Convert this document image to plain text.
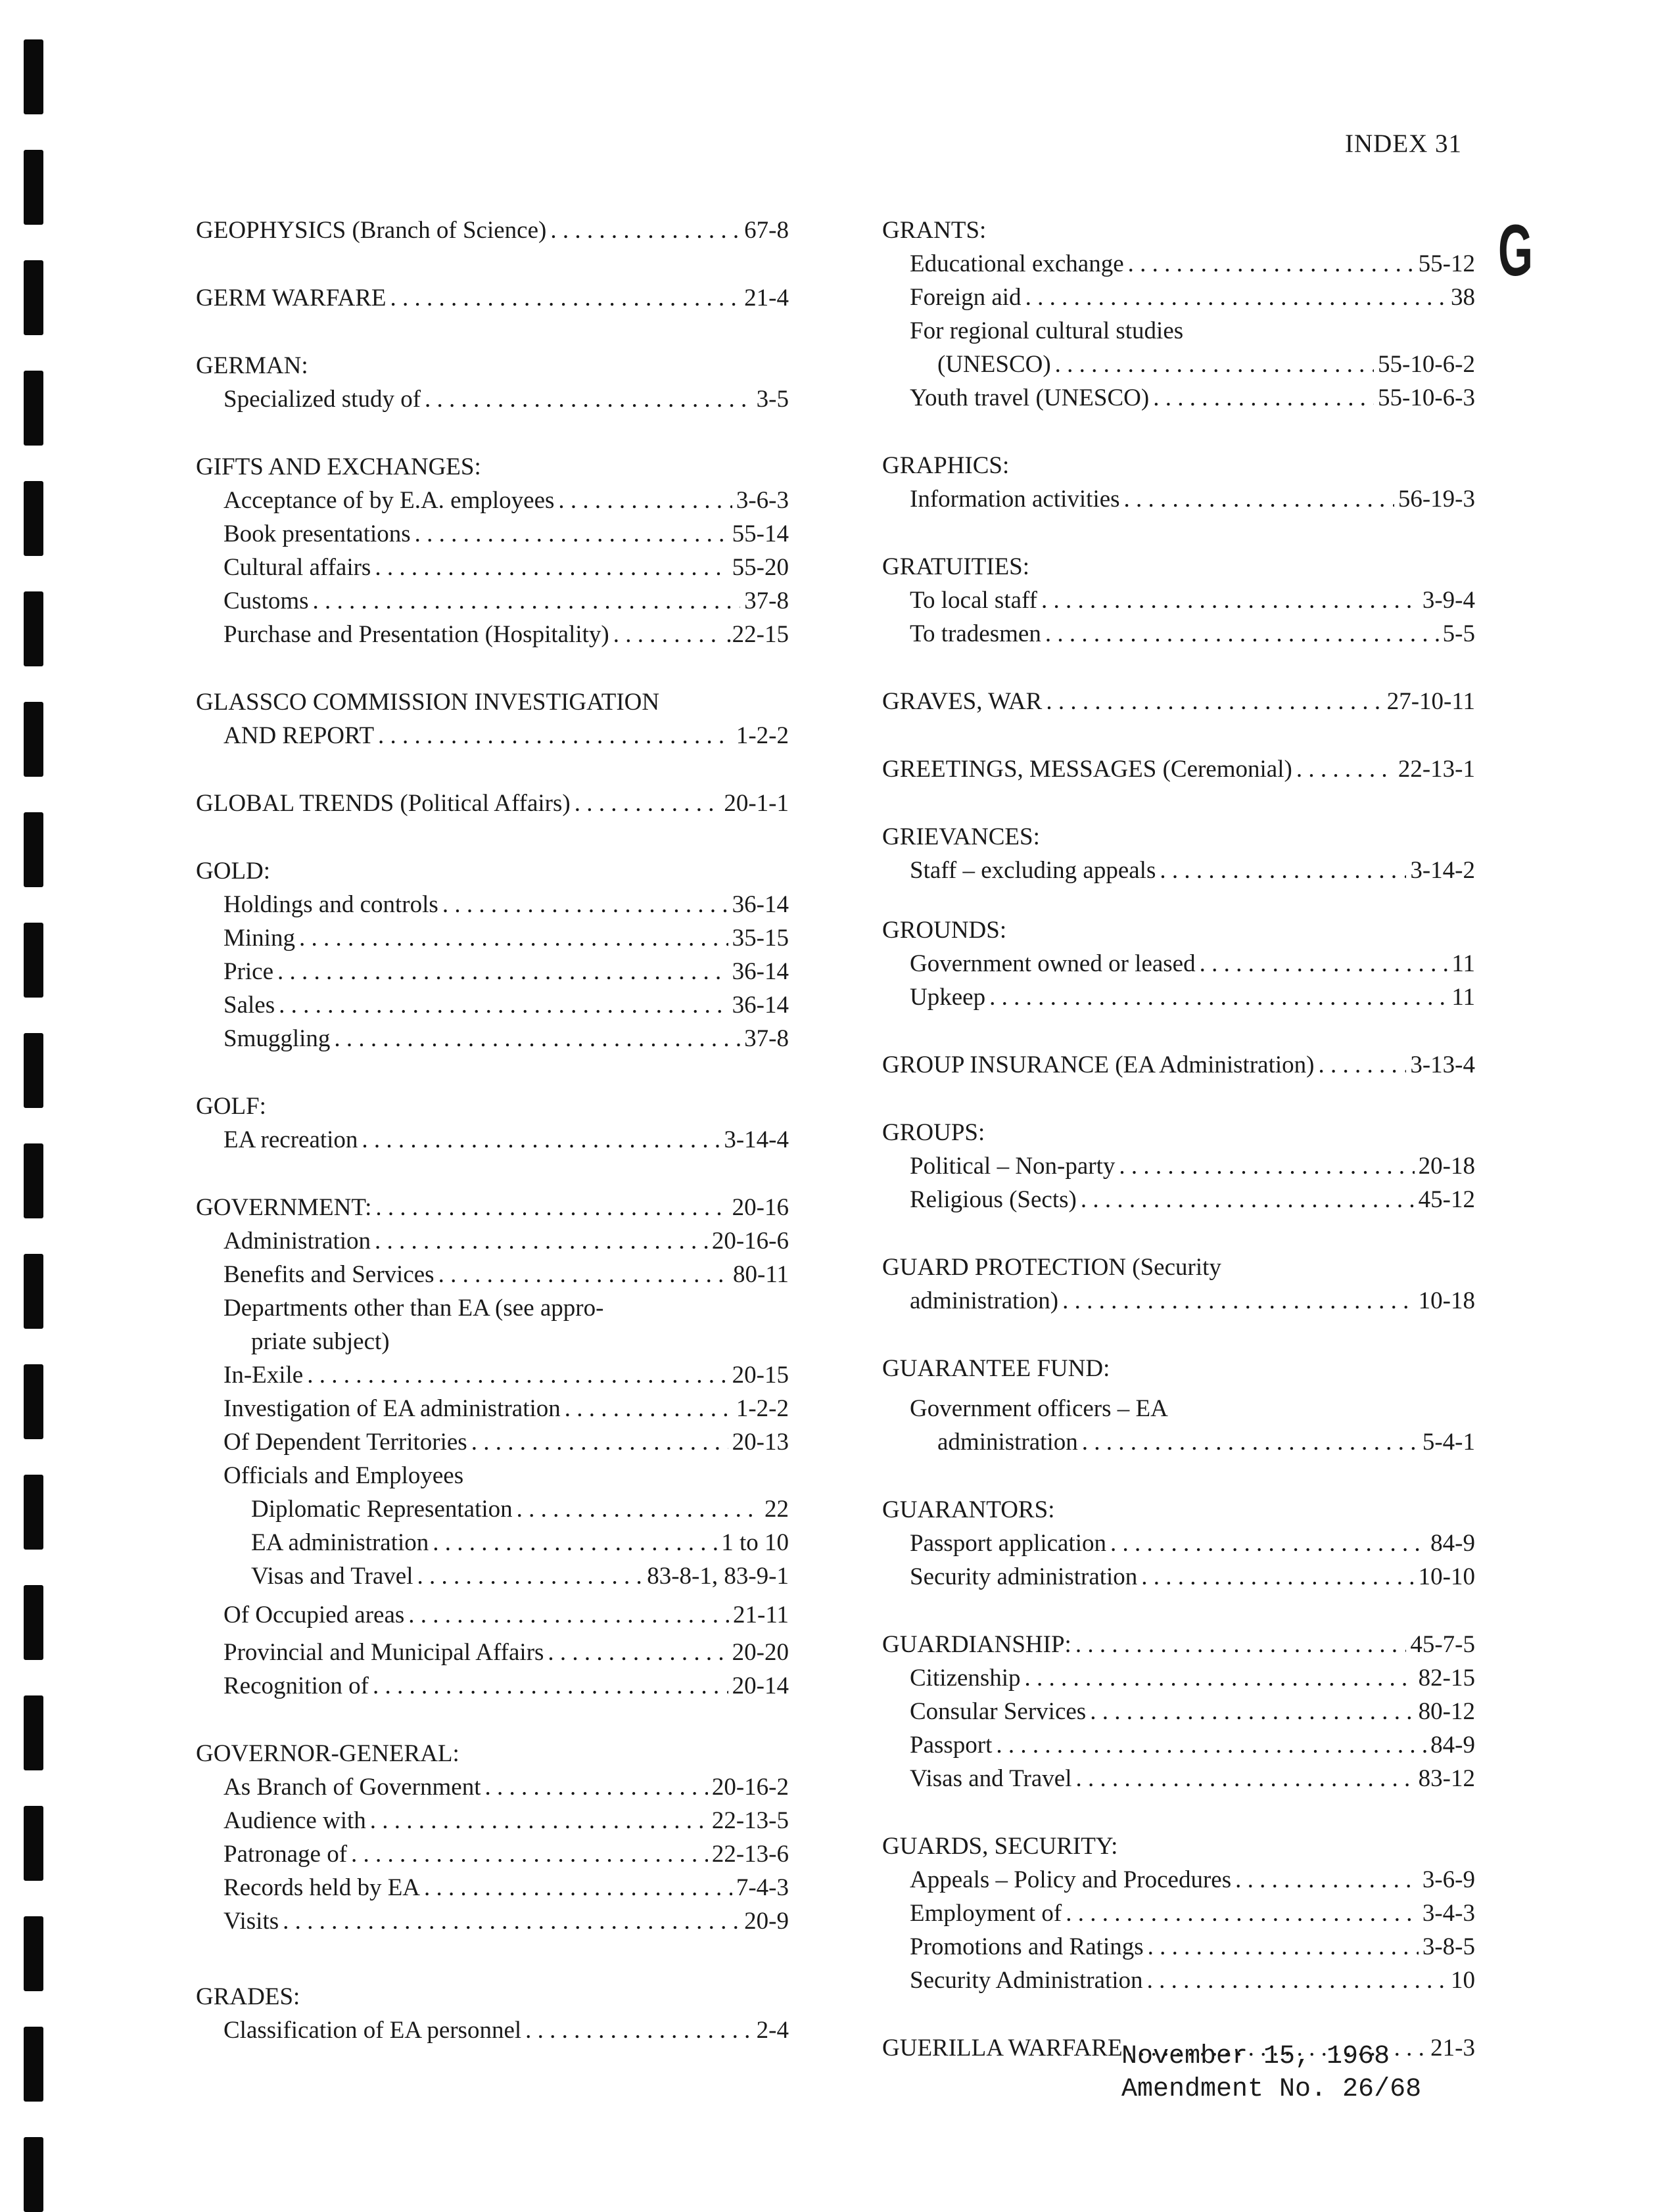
INDEX 31
G
GEOPHYSICS (Branch of Science) . . .	67-8
GERM WARFARE . . .	21-4
GERMAN:
Specialized study of . . .	3-5
GIFTS AND EXCHANGES:
Acceptance of by E.A. employees . . .	3-6-3
Book presentations . . .	55-14
Cultural affairs . . .	55-20
Customs . . .	37-8
Purchase and Presentation (Hospitality) . . .	.22-15
GLASSCO COMMISSION INVESTIGATION
AND REPORT . . .	1-2-2
GLOBAL TRENDS (Political Affairs) . . .	20-1-1
GOLD:
Holdings and controls . . .	36-14
Mining . . .	35-15
Price . . .	36-14
Sales . . .	36-14
Smuggling . . .	37-8
GOLF:
EA recreation . . .	3-14-4
GOVERNMENT: . . .	20-16
Administration . . .	20-16-6
Benefits and Services . . .	80-11
Departments other than EA (see appro-
priate subject)
In-Exile . . .	20-15
Investigation of EA administration . . .	1-2-2
Of Dependent Territories . . .	20-13
Officials and Employees
Diplomatic Representation . . .	22
EA administration . . .	1 to 10
Visas and Travel . . .	83-8-1, 83-9-1
Of Occupied areas . . .	21-11
Provincial and Municipal Affairs . . .	20-20
Recognition of . . .	20-14
GOVERNOR-GENERAL:
As Branch of Government . . .	20-16-2
Audience with . . .	22-13-5
Patronage of . . .	22-13-6
Records held by EA . . .	7-4-3
Visits . . .	20-9
GRADES:
Classification of EA personnel . . .	2-4
GRANTS:
Educational exchange . . .	55-12
Foreign aid . . .	38
For regional cultural studies
(UNESCO) . . .	55-10-6-2
Youth travel (UNESCO) . . .	55-10-6-3
GRAPHICS:
Information activities . . .	56-19-3
GRATUITIES:
To local staff . . .	3-9-4
To tradesmen . . .	5-5
GRAVES, WAR . . .	27-10-11
GREETINGS, MESSAGES (Ceremonial) . . .	22-13-1
GRIEVANCES:
Staff – excluding appeals . . .	3-14-2
GROUNDS:
Government owned or leased . . .	11
Upkeep . . .	11
GROUP INSURANCE (EA Administration) . . .	3-13-4
GROUPS:
Political – Non-party . . .	20-18
Religious (Sects) . . .	45-12
GUARD PROTECTION (Security
administration) . . .	10-18
GUARANTEE FUND:
Government officers – EA
administration . . .	5-4-1
GUARANTORS:
Passport application . . .	84-9
Security administration . . .	10-10
GUARDIANSHIP: . . .	45-7-5
Citizenship . . .	82-15
Consular Services . . .	80-12
Passport . . .	84-9
Visas and Travel . . .	83-12
GUARDS, SECURITY:
Appeals – Policy and Procedures . . .	3-6-9
Employment of . . .	3-4-3
Promotions and Ratings . . .	3-8-5
Security Administration . . .	10
GUERILLA WARFARE . . .	21-3
November 15, 1968
Amendment No. 26/68
